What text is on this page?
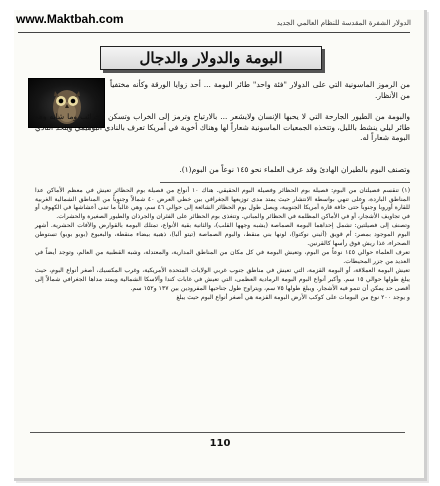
الدولار الشفرة المقدسة للنظام العالمي الجديد
www.Maktbah.com
البومة والدولار والدجال

من الرموز الماسونية التي على الدولار "فئة واحد" طائر البومة ... أحد زوايا الورقة وكأنه مختفياً من الأنظار.

والبومة من الطيور الجارحة التي لا يحبها الإنسان ولايشعر ... بالارتياح وترمز إلى الخراب وتسكن الخرائب وما شابه وهو طائر ليلي ينشط بالليل، وتتخذه الجمعيات الماسونية شعاراً لها وهناك أخوية في أمريكا تعرف بالنادي البوهيمي ويتخذ النادي البومة شعاراً له.

وتصنف البوم بالطيران الهادئ وقد عرف العلماء نحو ١٤٥ نوعاً من البوم(١).

(١) تنقسم فصيلتان من البوم: فصيلة بوم الحظائر وفصيلة البوم الحقيقي. هناك ١٠ أنواع من فصيلة بوم الحظائر تعيش في معظم الأماكن عدا المناطق الباردة، وعلى تنهي بواسطة الانتشار حيث يمتد مدى توزيعها الجغرافي بين خطي العرض ٤٠ شمالاً وجنوباً من المناطق الشمالية الغربية للقارة أوروبا وجنوباً حتى حافة قارة أمريكا الجنوبية، ويصل طول بوم الحظائر الشائعة إلى حوالي ٤٦ سم، وهي غالباً ما تبنى أعشاشها في الكهوف أو في تجاويف الأشجار، أو في الأماكن المظلمة في الحظائر والمباني. وتتغذى بوم الحظائر على الفئران والجرذان والطيور الصغيرة والحشرات.

وتصنف إلى فصيلتين: تشمل إحداهما البومة الصماصة (يشبه وجهها القلب)، والثانية بقية الأنواع، تمتلك البومة بالقوارض والآفات الحشرية. أشهر البوم الموجود بمصر: أم قويق (أثيني نوكتوا)، لونها بني منقط، والبوم الصماصة (تيتو ألبا)، ذهبية بيضاء منقطة، والبعبوع (بوبو بوبو) تستوطن الصحراء، غذا ريش فوق رأسها كالقرنين.

تعرف العلماء حوالي ١٤٥ نوعاً من البوم، وتعيش البومة في كل مكان من المناطق المدارية، والمعتدلة، وشبه القطبية من العالم، وتوجد أيضاً في العديد من جزر المحيطات.

تعيش البومة العملاقة، أو البومة القزمة، التي تعيش في مناطق جنوب غربي الولايات المتحدة الأمريكية، وغرب المكسيك، أصغر أنواع البوم، حيث يبلغ طولها حوالي ١٥ سم. وأكبر أنواع البوم البومة الرمادية العظمى، التي تعيش في غابات كندا وألاسكا الشمالية ويمتد مداها الجغرافي شمالاً إلى أقصى حد يمكن أن تنمو فيه الأشجار. ويبلغ طولها ٧٥ سم، ويتراوح طول جناحيها المفرودين بين ١٣٧ و١٥٢ سم.

و يوجد ٢٠٠ نوع من البومات على كوكب الأرض البومة القزمة هي أصغر أنواع البوم حيث يبلغ

110
